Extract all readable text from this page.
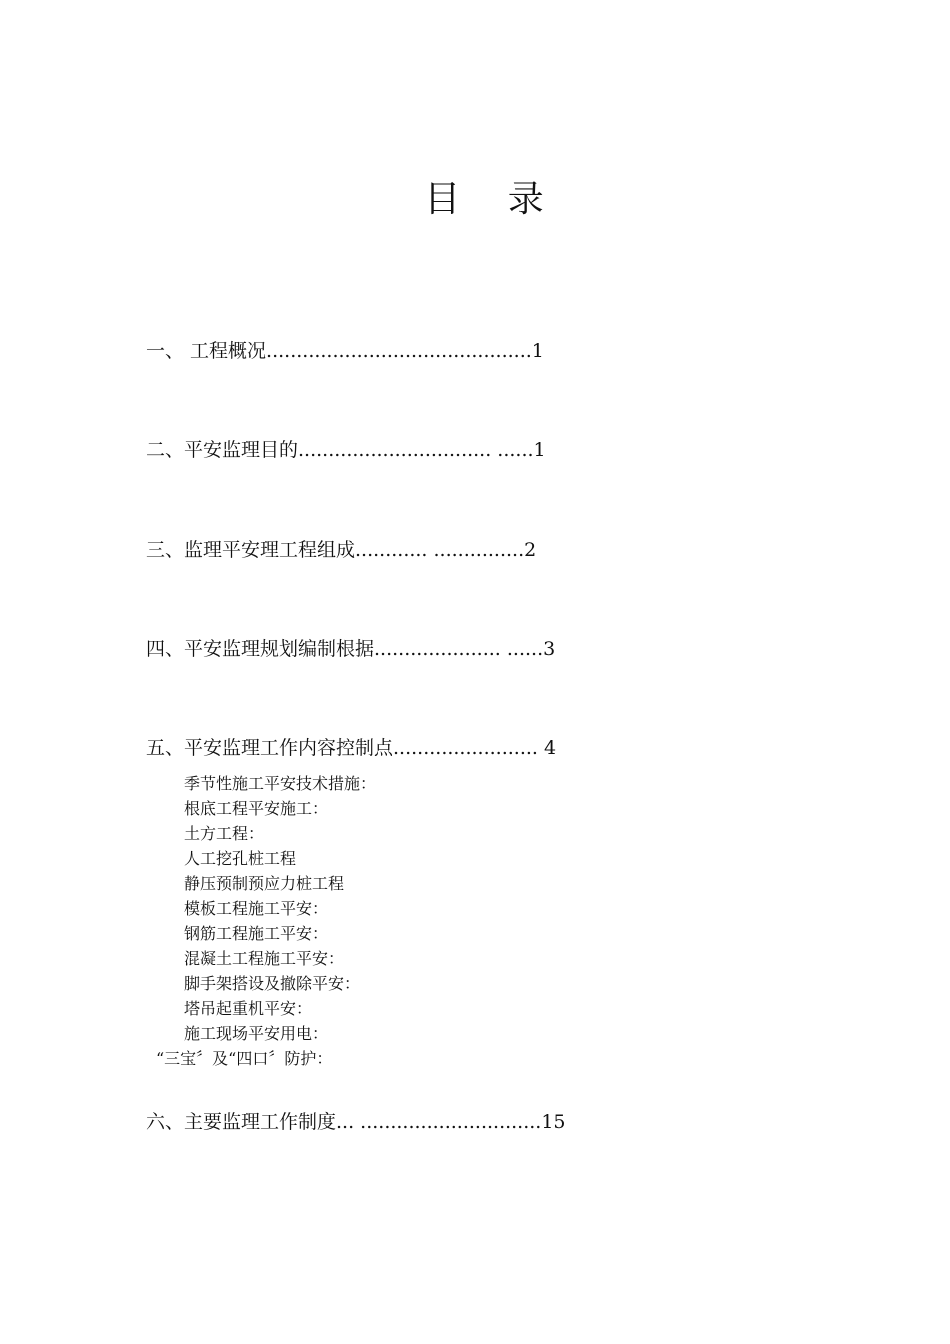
目 录
一、 工程概况............................................1
二、平安监理目的................................ ......1
三、监理平安理工程组成............ ...............2
四、平安监理规划编制根据..................... ......3
五、平安监理工作内容控制点........................ 4
季节性施工平安技术措施：
根底工程平安施工：
土方工程：
人工挖孔桩工程
静压预制预应力桩工程
模板工程施工平安：
钢筋工程施工平安：
混凝土工程施工平安：
脚手架搭设及撤除平安：
塔吊起重机平安：
施工现场平安用电：
“三宝〞及“四口〞防护：
六、主要监理工作制度... ..............................15
